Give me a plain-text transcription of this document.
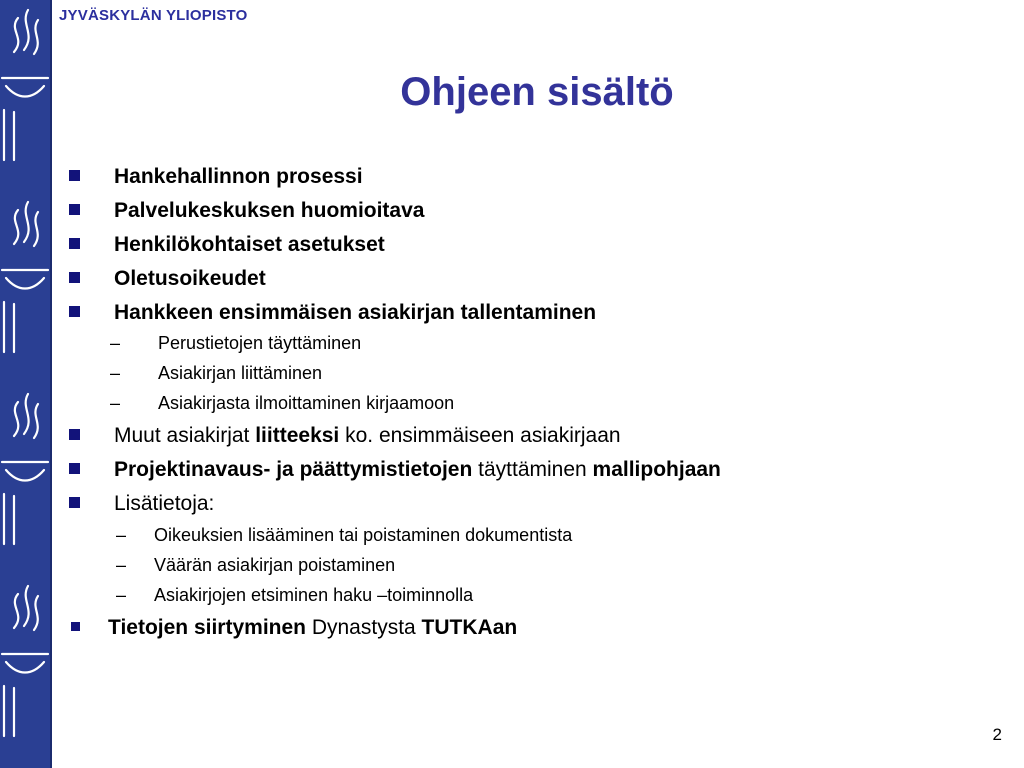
JYVÄSKYLÄN YLIOPISTO
Ohjeen sisältö
Hankehallinnon prosessi
Palvelukeskuksen huomioitava
Henkilökohtaiset asetukset
Oletusoikeudet
Hankkeen ensimmäisen asiakirjan tallentaminen
– Perustietojen täyttäminen
– Asiakirjan liittäminen
– Asiakirjasta ilmoittaminen kirjaamoon
Muut asiakirjat liitteeksi ko. ensimmäiseen asiakirjaan
Projektinavaus- ja päättymistietojen täyttäminen mallipohjaan
Lisätietoja:
– Oikeuksien lisääminen tai poistaminen dokumentista
– Väärän asiakirjan poistaminen
– Asiakirjojen etsiminen haku –toiminnolla
Tietojen siirtyminen Dynastysta TUTKAan
2
